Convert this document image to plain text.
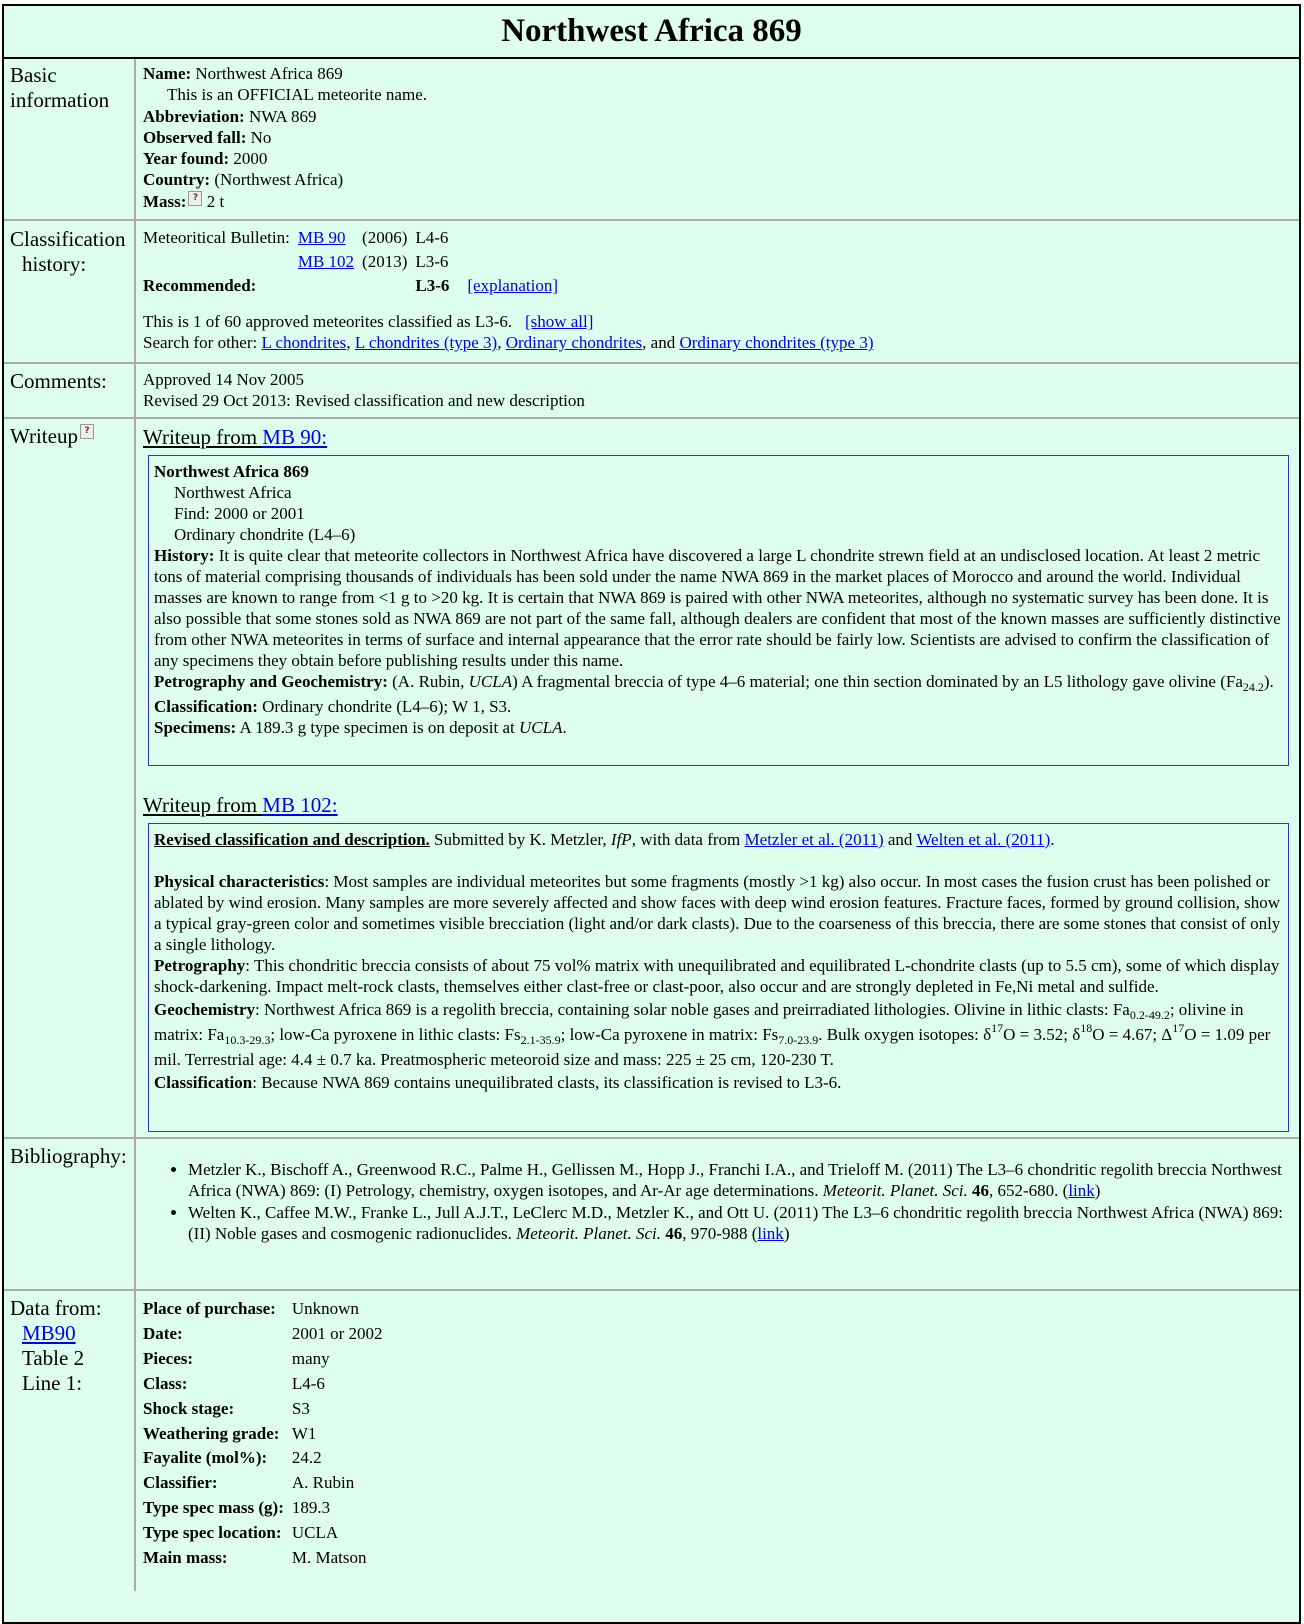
Northwest Africa 869
Basic
information
Name: Northwest Africa 869
This is an OFFICIAL meteorite name.
Abbreviation: NWA 869
Observed fall: No
Year found: 2000
Country: (Northwest Africa)
Mass: ? 2 t
Classification

history:
Meteoritical Bulletin:	MB 90	(2006)	L4-6	
	MB 102	(2013)	L3-6	
Recommended:			L3-6	[explanation]
This is 1 of 60 approved meteorites classified as L3-6. [show all]
Search for other: L chondrites, L chondrites (type 3), Ordinary chondrites, and Ordinary chondrites (type 3)
Comments:	Approved 14 Nov 2005
Revised 29 Oct 2013: Revised classification and new description
Writeup ?	Writeup from MB 90:

Northwest Africa 869

Northwest Africa

Find: 2000 or 2001

Ordinary chondrite (L4–6)

History: It is quite clear that meteorite collectors in Northwest Africa have discovered a large L chondrite strewn field at an undisclosed location. At least 2 metric tons of material comprising thousands of individuals has been sold under the name NWA 869 in the market places of Morocco and around the world. Individual masses are known to range from <1 g to >20 kg. It is certain that NWA 869 is paired with other NWA meteorites, although no systematic survey has been done. It is also possible that some stones sold as NWA 869 are not part of the same fall, although dealers are confident that most of the known masses are sufficiently distinctive from other NWA meteorites in terms of surface and internal appearance that the error rate should be fairly low. Scientists are advised to confirm the classification of any specimens they obtain before publishing results under this name.

Petrography and Geochemistry: (A. Rubin, UCLA) A fragmental breccia of type 4–6 material; one thin section dominated by an L5 lithology gave olivine $(Fa_{24.2})$.

Classification: Ordinary chondrite (L4–6); W 1, S3.

Specimens: A 189.3 g type specimen is on deposit at UCLA.

Writeup from MB 102:

Revised classification and description. Submitted by K. Metzler, IfP, with data from Metzler et al. (2011) and Welten et al. (2011).

Physical characteristics: Most samples are individual meteorites but some fragments (mostly >1 kg) also occur. In most cases the fusion crust has been polished or ablated by wind erosion. Many samples are more severely affected and show faces with deep wind erosion features. Fracture faces, formed by ground collision, show a typical gray-green color and sometimes visible brecciation (light and/or dark clasts). Due to the coarseness of this breccia, there are some stones that consist of only a single lithology.

Petrography: This chondritic breccia consists of about 75 vol% matrix with unequilibrated and equilibrated L-chondrite clasts (up to 5.5 cm), some of which display shock-darkening. Impact melt-rock clasts, themselves either clast-free or clast-poor, also occur and are strongly depleted in Fe,Ni metal and sulfide.

Geochemistry: Northwest Africa 869 is a regolith breccia, containing solar noble gases and preirradiated lithologies. Olivine in lithic clasts: $Fa_{0.2-49.2}$; olivine in matrix: $Fa_{10.3-29.3}$; low-Ca pyroxene in lithic clasts: $Fs_{2.1-35.9}$; low-Ca pyroxene in matrix: $Fs_{7.0-23.9}$. Bulk oxygen isotopes: $\delta^{17}O = 3.52$; $\delta^{18}O = 4.67$; $\Delta^{17}O = 1.09$ per mil. Terrestrial age: 4.4 ± 0.7 ka. Preatmospheric meteoroid size and mass: 225 ± 25 cm, 120-230 T.

Classification: Because NWA 869 contains unequilibrated clasts, its classification is revised to L3-6.

Bibliography:
• Metzler K., Bischoff A., Greenwood R.C., Palme H., Gellissen M., Hopp J., Franchi I.A., and Trieloff M. (2011) The L3–6 chondritic regolith breccia Northwest Africa (NWA) 869: (I) Petrology, chemistry, oxygen isotopes, and Ar-Ar age determinations. Meteorit. Planet. Sci. 46, 652-680. (link)
• Welten K., Caffee M.W., Franke L., Jull A.J.T., LeClerc M.D., Metzler K., and Ott U. (2011) The L3–6 chondritic regolith breccia Northwest Africa (NWA) 869: (II) Noble gases and cosmogenic radionuclides. Meteorit. Planet. Sci. 46, 970-988 (link)
Data from:
MB90

Table 2
Line 1:
Place of purchase:	Unknown
Date:	2001 or 2002
Pieces:	many
Class:	L4-6
Shock stage:	S3
Weathering grade:	W1
Fayalite (mol%):	24.2
Classifier:	A. Rubin
Type spec mass (g):	189.3
Type spec location:	UCLA
Main mass:	M. Matson
